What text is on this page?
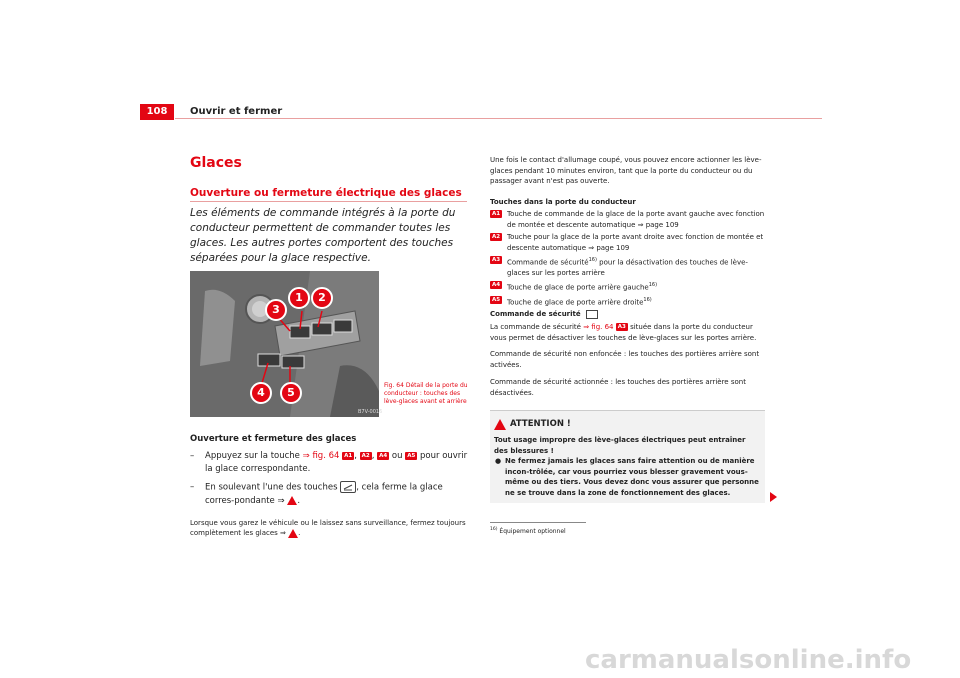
108	Ouvrir et fermer
Glaces
Ouverture ou fermeture électrique des glaces
Les éléments de commande intégrés à la porte du conducteur permettent de commander toutes les glaces. Les autres portes comportent des touches séparées pour la glace respective.
B7V-0016
3
1	2
4	5
Fig. 64 Détail de la porte du conducteur : touches des lève-glaces avant et arrière
Ouverture et fermeture des glaces
– Appuyez sur la touche ⇒ fig. 64 A1 , A2 , A4 ou A5 pour ouvrir la glace correspondante.
– En soulevant l'une des touches , cela ferme la glace corres-pondante ⇒ .
Lorsque vous garez le véhicule ou le laissez sans surveillance, fermez toujours complètement les glaces ⇒ .
Une fois le contact d'allumage coupé, vous pouvez encore actionner les lève-glaces pendant 10 minutes environ, tant que la porte du conducteur ou du passager avant n'est pas ouverte.
Touches dans la porte du conducteur
A1 Touche de commande de la glace de la porte avant gauche avec fonction de montée et descente automatique ⇒ page 109
A2 Touche pour la glace de la porte avant droite avec fonction de montée et descente automatique ⇒ page 109
A3 Commande de sécurité$^{16)}$ pour la désactivation des touches de lève-glaces sur les portes arrière
A4 Touche de glace de porte arrière gauche$^{16)}$
A5 Touche de glace de porte arrière droite$^{16)}$
Commande de sécurité
La commande de sécurité ⇒ fig. 64 A3 située dans la porte du conducteur vous permet de désactiver les touches de lève-glaces sur les portes arrière.
Commande de sécurité non enfoncée : les touches des portières arrière sont activées.
Commande de sécurité actionnée : les touches des portières arrière sont désactivées.
ATTENTION !
Tout usage impropre des lève-glaces électriques peut entraîner des blessures !
● Ne fermez jamais les glaces sans faire attention ou de manière incon-trôlée, car vous pourriez vous blesser gravement vous-même ou des tiers. Vous devez donc vous assurer que personne ne se trouve dans la zone de fonctionnement des glaces.
$^{16)}$ Équipement optionnel
carmanualsonline.info
